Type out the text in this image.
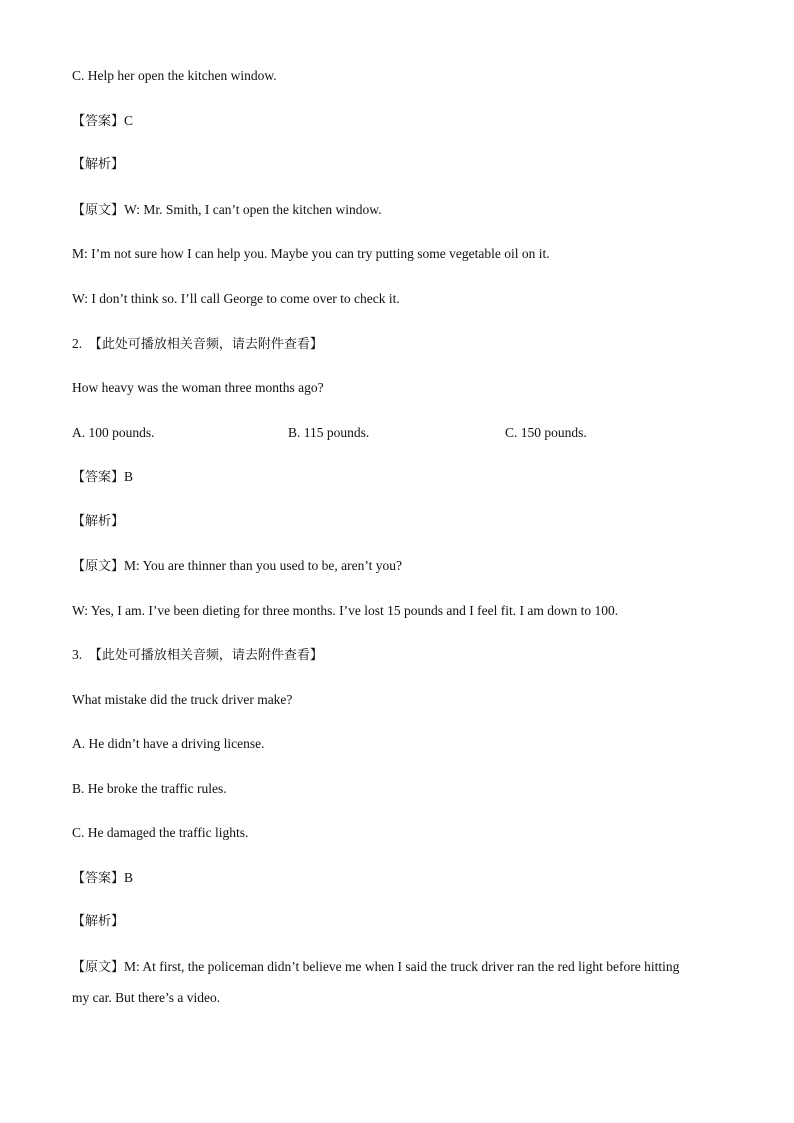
C. Help her open the kitchen window.
【答案】C
【解析】
【原文】W: Mr. Smith, I can’t open the kitchen window.
M: I’m not sure how I can help you. Maybe you can try putting some vegetable oil on it.
W: I don’t think so. I’ll call George to come over to check it.
2. 【此处可播放相关音频，请去附件查看】
How heavy was the woman three months ago?
A. 100 pounds.	B. 115 pounds.	C. 150 pounds.
【答案】B
【解析】
【原文】M: You are thinner than you used to be, aren’t you?
W: Yes, I am. I’ve been dieting for three months. I’ve lost 15 pounds and I feel fit. I am down to 100.
3. 【此处可播放相关音频，请去附件查看】
What mistake did the truck driver make?
A. He didn’t have a driving license.
B. He broke the traffic rules.
C. He damaged the traffic lights.
【答案】B
【解析】
【原文】M: At first, the policeman didn’t believe me when I said the truck driver ran the red light before hitting
my car. But there’s a video.
